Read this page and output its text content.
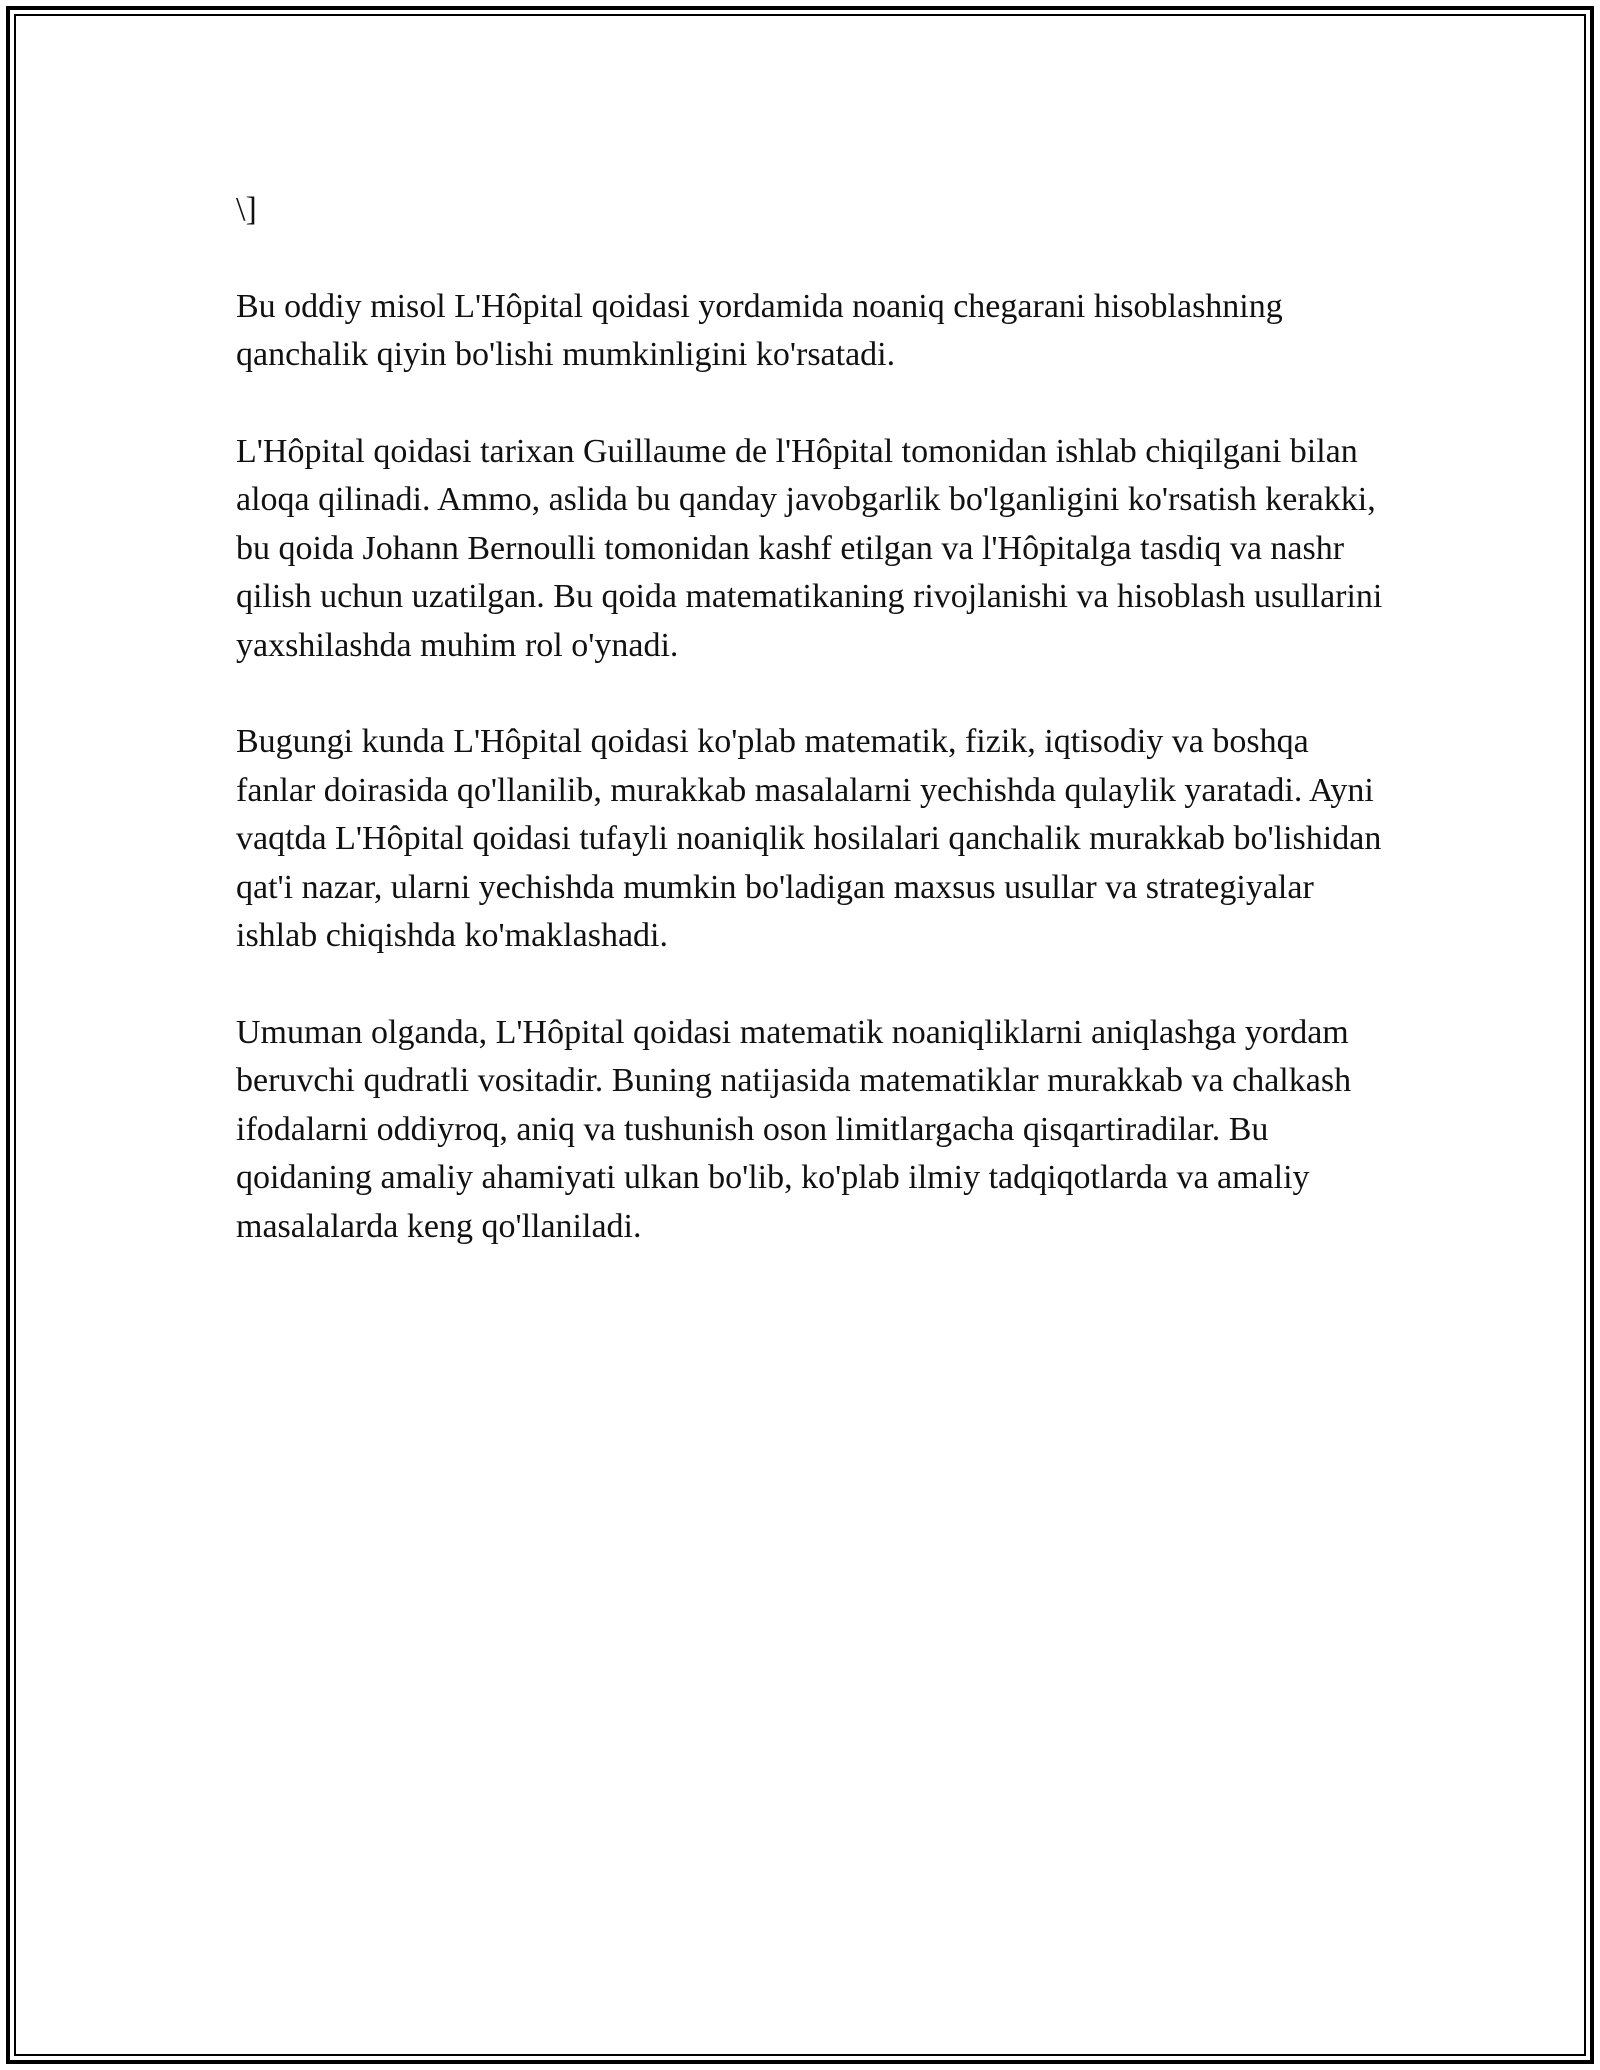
\]

Bu oddiy misol L'Hôpital qoidasi yordamida noaniq chegarani hisoblashning qanchalik qiyin bo'lishi mumkinligini ko'rsatadi.

L'Hôpital qoidasi tarixan Guillaume de l'Hôpital tomonidan ishlab chiqilgani bilan aloqa qilinadi. Ammo, aslida bu qanday javobgarlik bo'lganligini ko'rsatish kerakki, bu qoida Johann Bernoulli tomonidan kashf etilgan va l'Hôpitalga tasdiq va nashr qilish uchun uzatilgan. Bu qoida matematikaning rivojlanishi va hisoblash usullarini yaxshilashda muhim rol o'ynadi.

Bugungi kunda L'Hôpital qoidasi ko'plab matematik, fizik, iqtisodiy va boshqa fanlar doirasida qo'llanilib, murakkab masalalarni yechishda qulaylik yaratadi. Ayni vaqtda L'Hôpital qoidasi tufayli noaniqlik hosilalari qanchalik murakkab bo'lishidan qat'i nazar, ularni yechishda mumkin bo'ladigan maxsus usullar va strategiyalar ishlab chiqishda ko'maklashadi.

Umuman olganda, L'Hôpital qoidasi matematik noaniqliklarni aniqlashga yordam beruvchi qudratli vositadir. Buning natijasida matematiklar murakkab va chalkash ifodalarni oddiyroq, aniq va tushunish oson limitlargacha qisqartiradilar. Bu qoidaning amaliy ahamiyati ulkan bo'lib, ko'plab ilmiy tadqiqotlarda va amaliy masalalarda keng qo'llaniladi.
